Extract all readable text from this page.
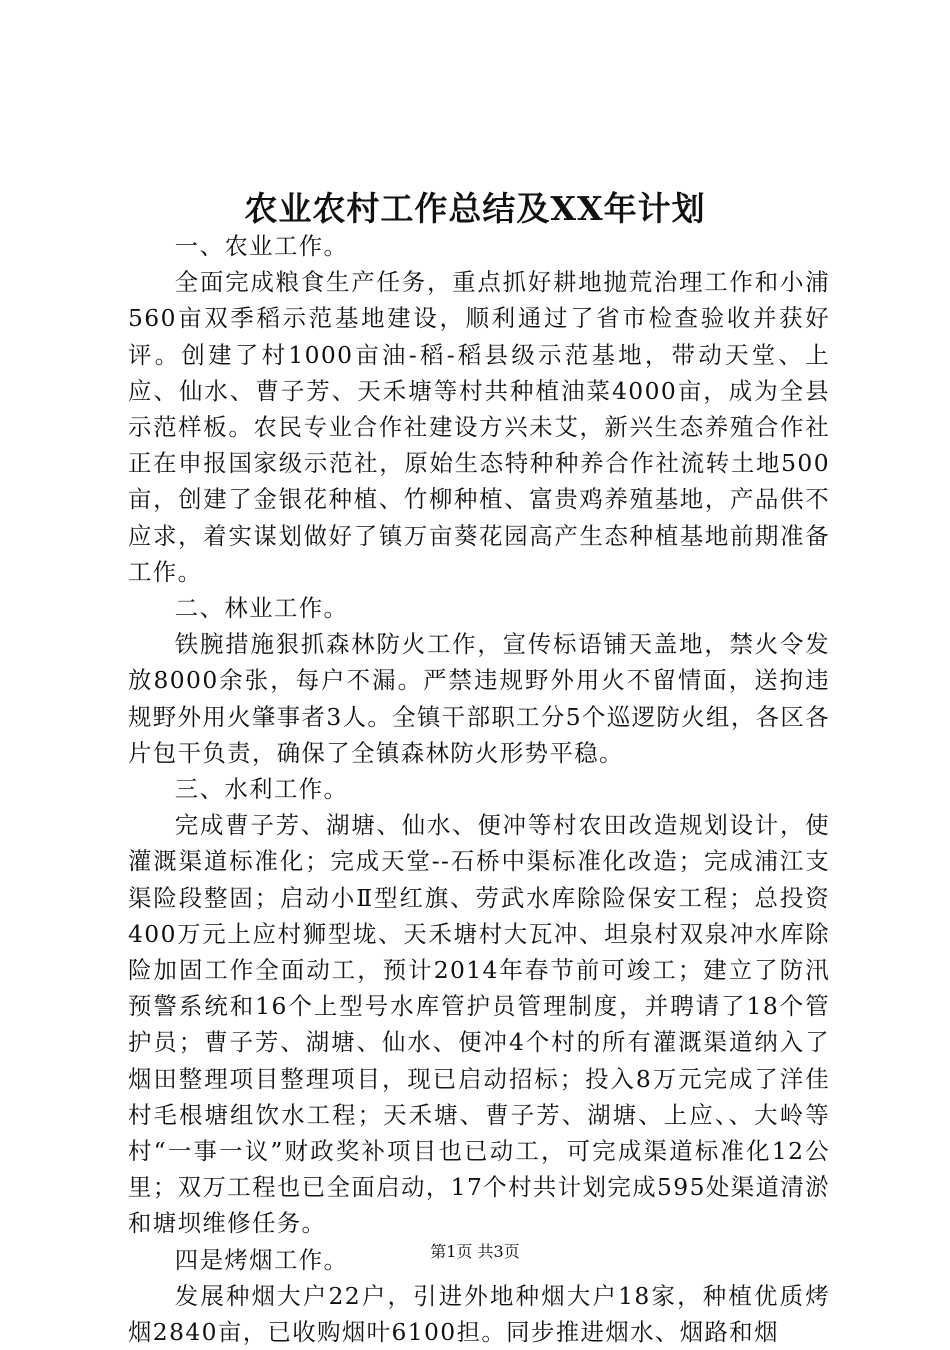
农业农村工作总结及XX年计划

一、农业工作。

全面完成粮食生产任务，重点抓好耕地抛荒治理工作和小浦560亩双季稻示范基地建设，顺利通过了省市检查验收并获好评。创建了村1000亩油-稻-稻县级示范基地，带动天堂、上应、仙水、曹子芳、天禾塘等村共种植油菜4000亩，成为全县示范样板。农民专业合作社建设方兴未艾，新兴生态养殖合作社正在申报国家级示范社，原始生态特种种养合作社流转土地500亩，创建了金银花种植、竹柳种植、富贵鸡养殖基地，产品供不应求，着实谋划做好了镇万亩葵花园高产生态种植基地前期准备工作。

二、林业工作。

铁腕措施狠抓森林防火工作，宣传标语铺天盖地，禁火令发放8000余张，每户不漏。严禁违规野外用火不留情面，送拘违规野外用火肇事者3人。全镇干部职工分5个巡逻防火组，各区各片包干负责，确保了全镇森林防火形势平稳。

三、水利工作。

完成曹子芳、湖塘、仙水、便冲等村农田改造规划设计，使灌溉渠道标准化；完成天堂--石桥中渠标准化改造；完成浦江支渠险段整固；启动小Ⅱ型红旗、劳武水库除险保安工程；总投资400万元上应村狮型垅、天禾塘村大瓦冲、坦泉村双泉冲水库除险加固工作全面动工，预计2014年春节前可竣工；建立了防汛预警系统和16个上型号水库管护员管理制度，并聘请了18个管护员；曹子芳、湖塘、仙水、便冲4个村的所有灌溉渠道纳入了烟田整理项目整理项目，现已启动招标；投入8万元完成了洋佳村毛根塘组饮水工程；天禾塘、曹子芳、湖塘、上应、、大岭等村“一事一议”财政奖补项目也已动工，可完成渠道标准化12公里；双万工程也已全面启动，17个村共计划完成595处渠道清淤和塘坝维修任务。

四是烤烟工作。

发展种烟大户22户，引进外地种烟大户18家，种植优质烤烟2840亩，已收购烟叶6100担。同步推进烟水、烟路和烟

第1页 共3页
